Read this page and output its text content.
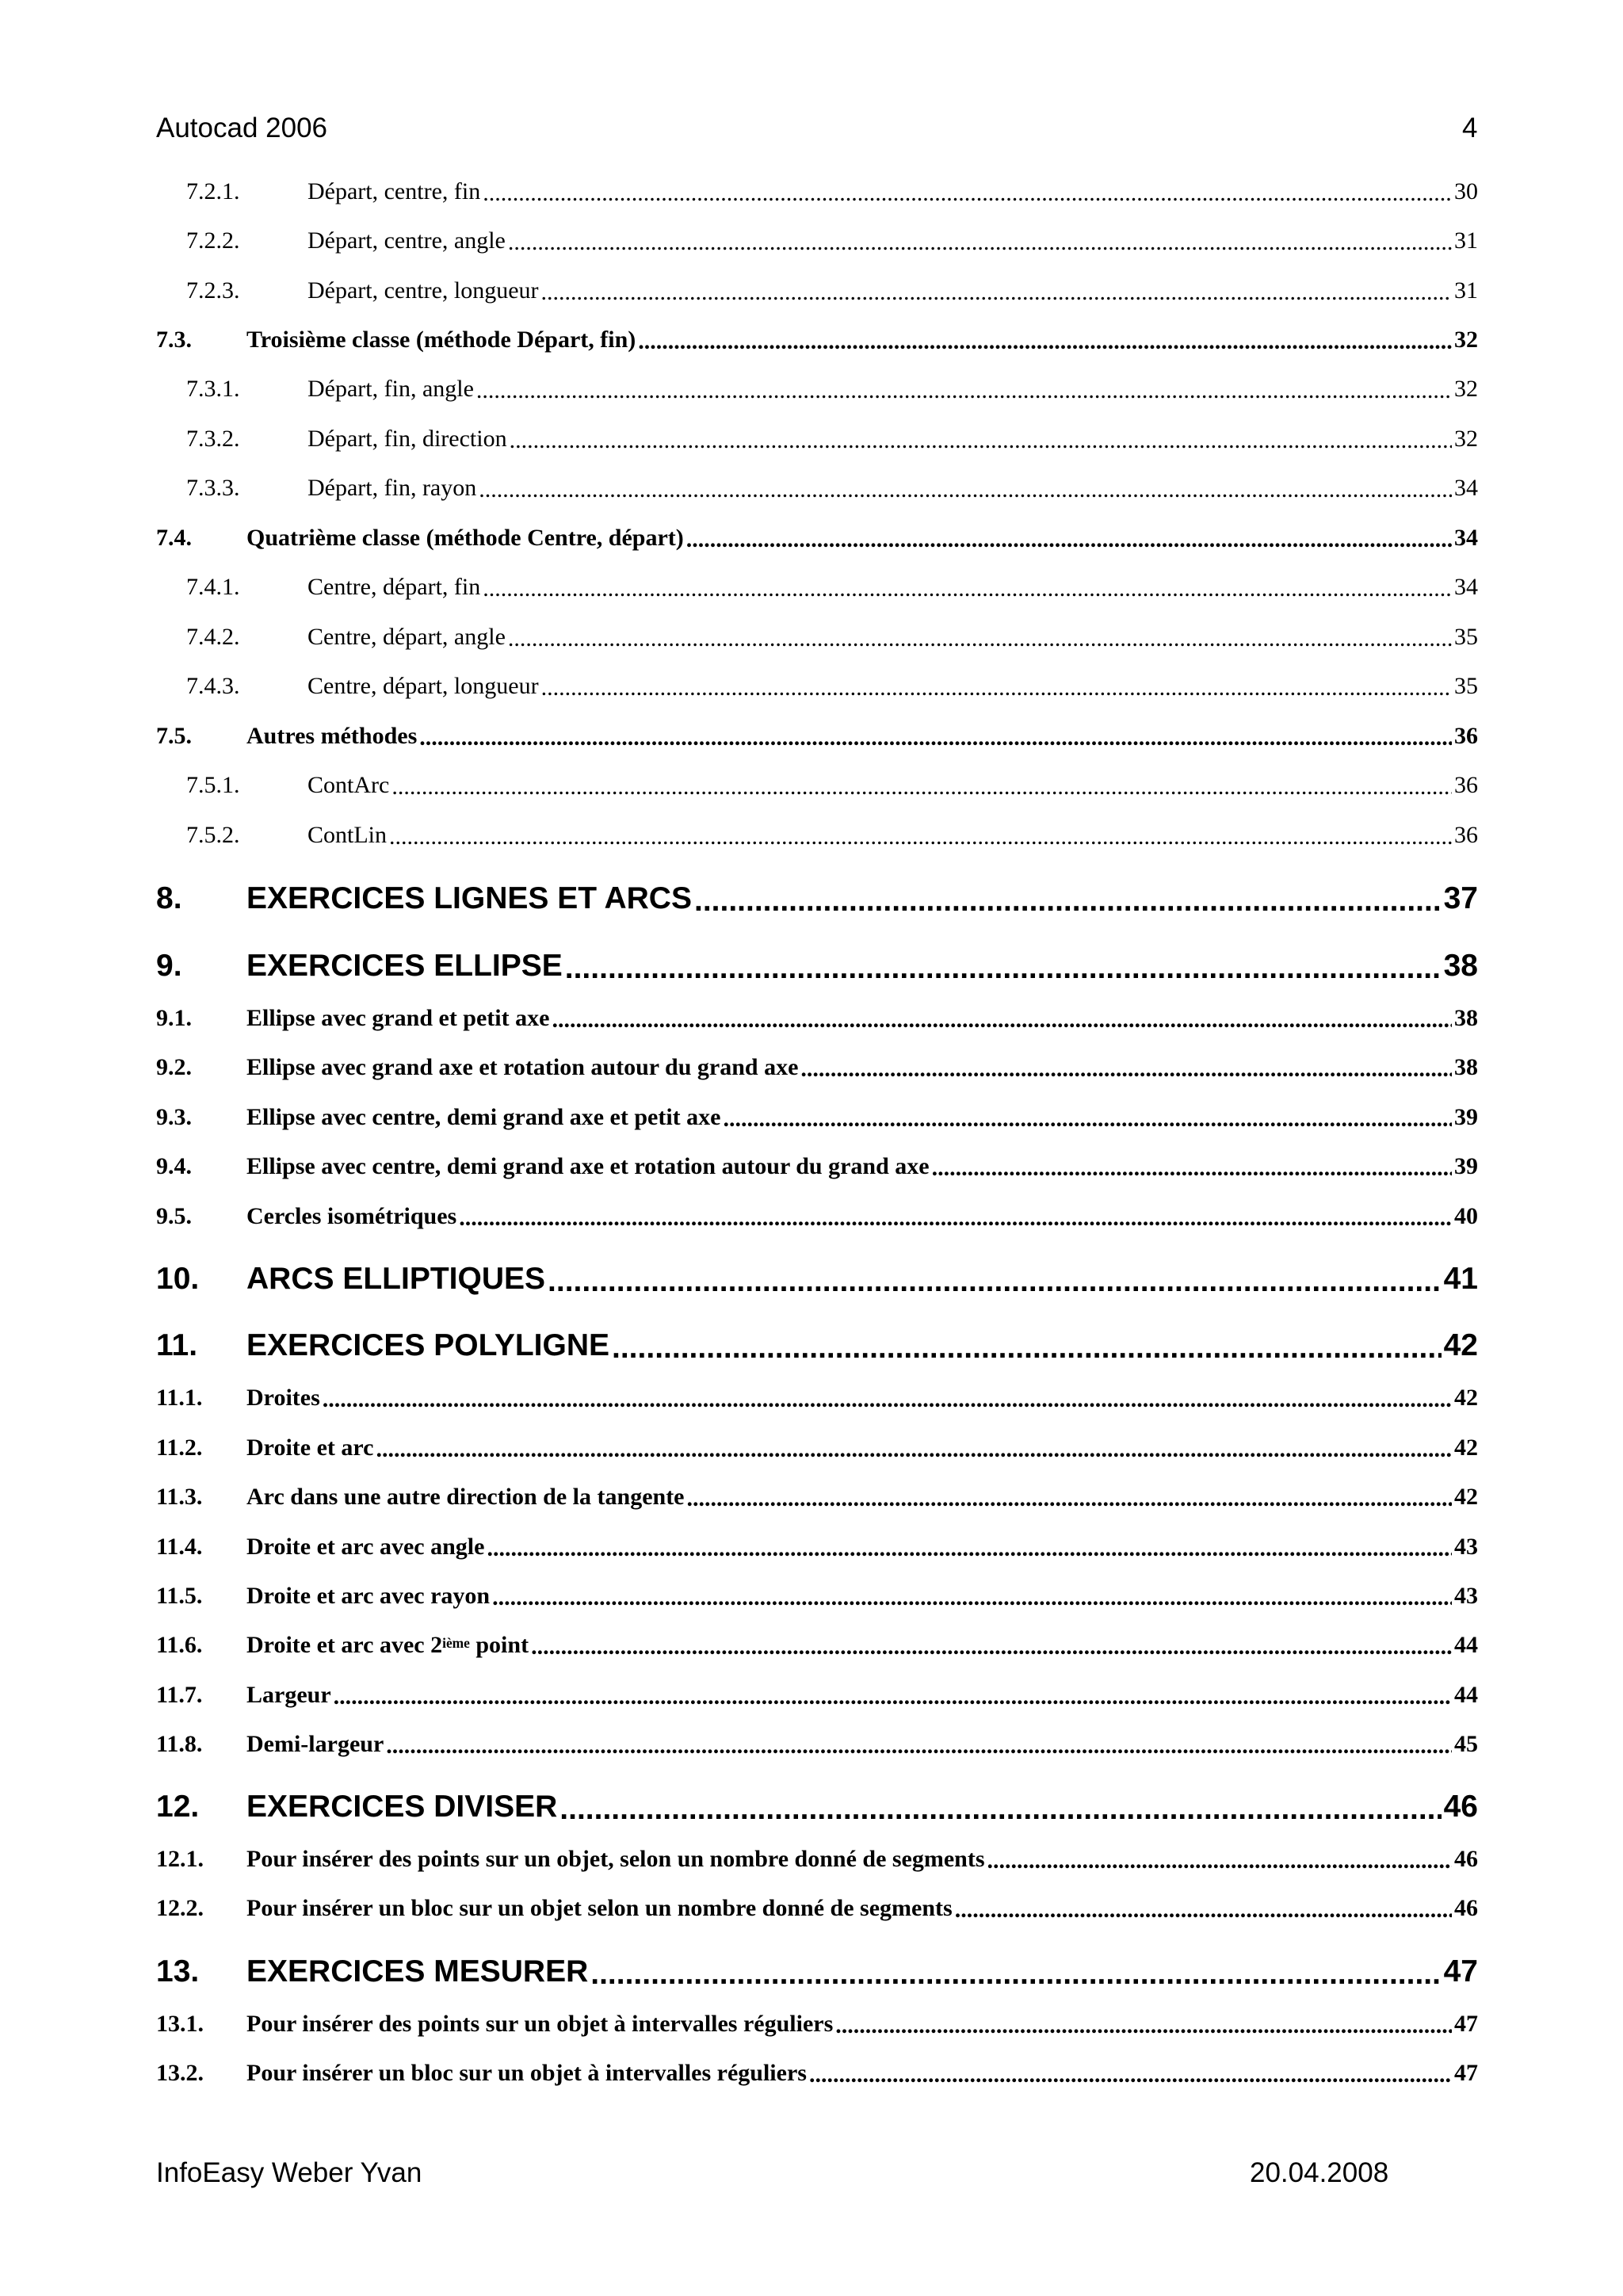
Autocad 2006	4
7.2.1.	Départ, centre, fin .....	30
7.2.2.	Départ, centre, angle .....	31
7.2.3.	Départ, centre, longueur .....	31
7.3.	Troisième classe (méthode Départ, fin) .....	32
7.3.1.	Départ, fin, angle .....	32
7.3.2.	Départ, fin, direction .....	32
7.3.3.	Départ, fin, rayon .....	34
7.4.	Quatrième classe (méthode Centre, départ) .....	34
7.4.1.	Centre, départ, fin .....	34
7.4.2.	Centre, départ, angle .....	35
7.4.3.	Centre, départ, longueur .....	35
7.5.	Autres méthodes .....	36
7.5.1.	ContArc .....	36
7.5.2.	ContLin .....	36
8.	EXERCICES LIGNES ET ARCS .....	37
9.	EXERCICES ELLIPSE .....	38
9.1.	Ellipse avec grand et petit axe .....	38
9.2.	Ellipse avec grand axe et rotation autour du grand axe .....	38
9.3.	Ellipse avec centre, demi grand axe et petit axe .....	39
9.4.	Ellipse avec centre, demi grand axe et rotation autour du grand axe .....	39
9.5.	Cercles isométriques .....	40
10.	ARCS ELLIPTIQUES .....	41
11.	EXERCICES POLYLIGNE .....	42
11.1.	Droites .....	42
11.2.	Droite et arc .....	42
11.3.	Arc dans une autre direction de la tangente .....	42
11.4.	Droite et arc avec angle .....	43
11.5.	Droite et arc avec rayon .....	43
11.6.	Droite et arc avec 2ième point .....	44
11.7.	Largeur .....	44
11.8.	Demi-largeur .....	45
12.	EXERCICES DIVISER .....	46
12.1.	Pour insérer des points sur un objet, selon un nombre donné de segments .....	46
12.2.	Pour insérer un bloc sur un objet selon un nombre donné de segments .....	46
13.	EXERCICES MESURER .....	47
13.1.	Pour insérer des points sur un objet à intervalles réguliers .....	47
13.2.	Pour insérer un bloc sur un objet à intervalles réguliers .....	47
InfoEasy Weber Yvan	20.04.2008
